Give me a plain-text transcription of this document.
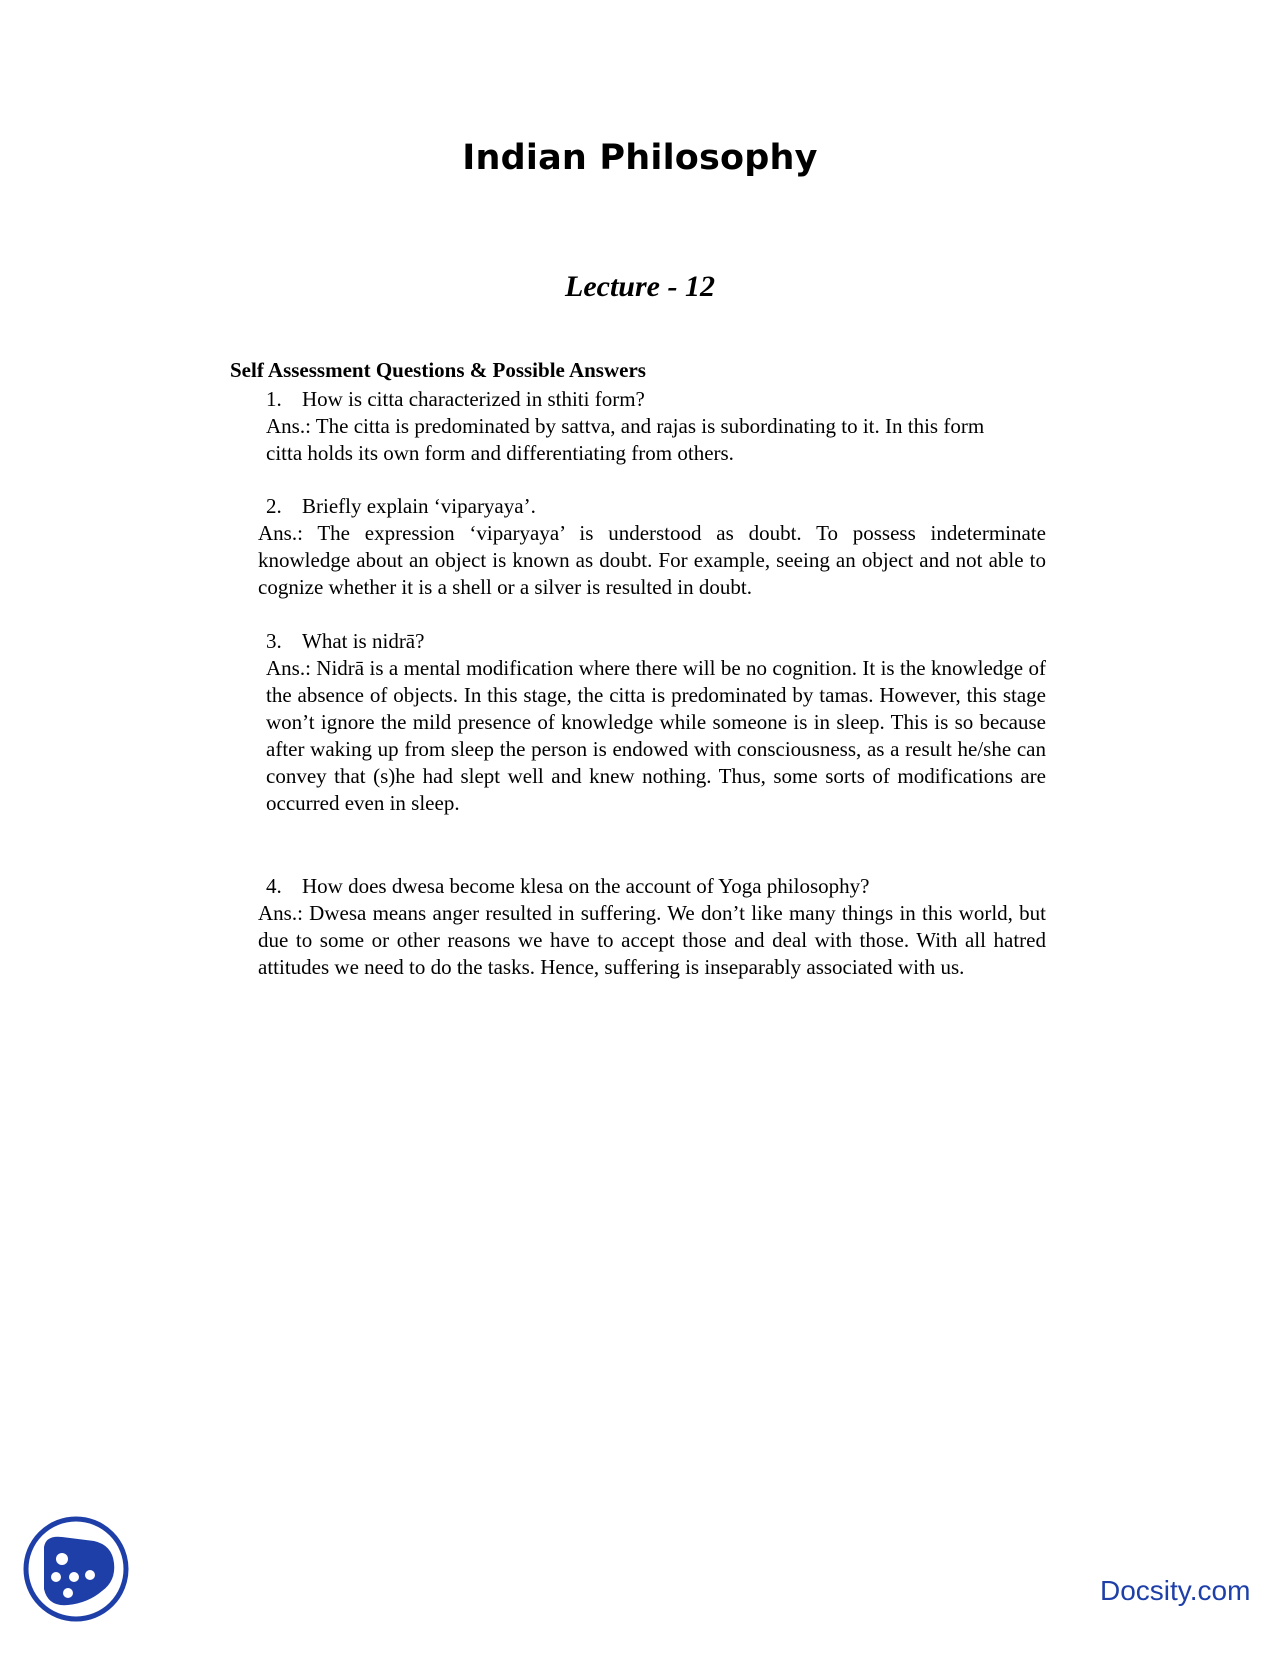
Indian Philosophy
Lecture - 12
Self Assessment Questions & Possible Answers

1. How is citta characterized in sthiti form?

Ans.: The citta is predominated by sattva, and rajas is subordinating to it. In this form citta holds its own form and differentiating from others.

2. Briefly explain ‘viparyaya’.

Ans.: The expression ‘viparyaya’ is understood as doubt. To possess indeterminate knowledge about an object is known as doubt. For example, seeing an object and not able to cognize whether it is a shell or a silver is resulted in doubt.

3. What is nidrā?

Ans.: Nidrā is a mental modification where there will be no cognition. It is the knowledge of the absence of objects. In this stage, the citta is predominated by tamas. However, this stage won’t ignore the mild presence of knowledge while someone is in sleep. This is so because after waking up from sleep the person is endowed with consciousness, as a result he/she can convey that (s)he had slept well and knew nothing. Thus, some sorts of modifications are occurred even in sleep.

4. How does dwesa become klesa on the account of Yoga philosophy?

Ans.: Dwesa means anger resulted in suffering. We don’t like many things in this world, but due to some or other reasons we have to accept those and deal with those. With all hatred attitudes we need to do the tasks. Hence, suffering is inseparably associated with us.

Docsity.com
